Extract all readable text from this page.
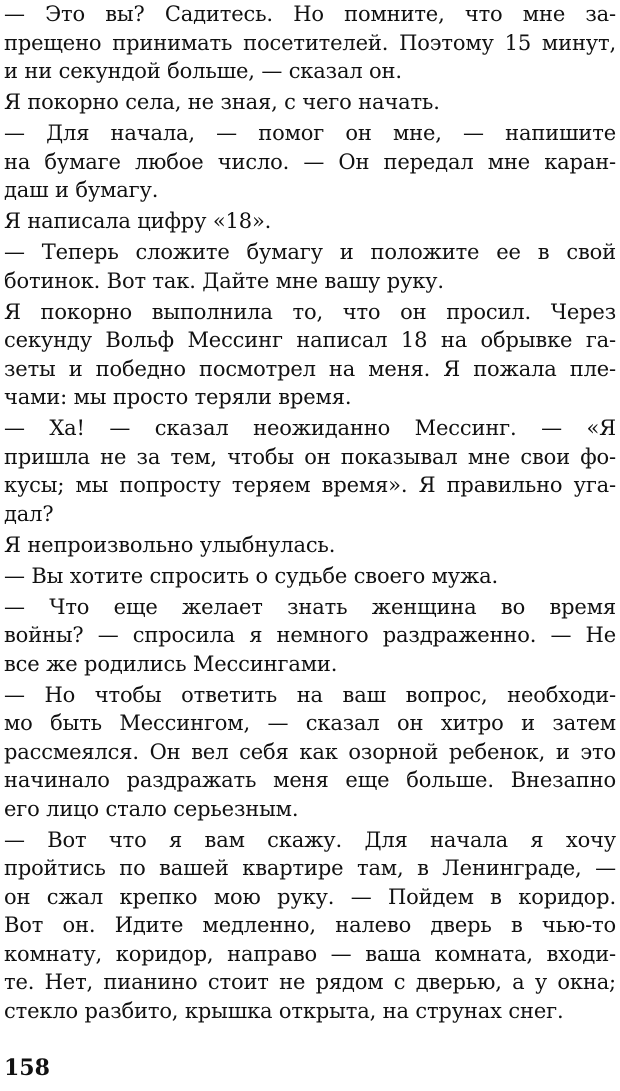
— Это вы? Садитесь. Но помните, что мне за-
прещено принимать посетителей. Поэтому 15 минут,
и ни секундой больше, — сказал он.

Я покорно села, не зная, с чего начать.

— Для начала, — помог он мне, — напишите
на бумаге любое число. — Он передал мне каран-
даш и бумагу.

Я написала цифру «18».

— Теперь сложите бумагу и положите ее в свой
ботинок. Вот так. Дайте мне вашу руку.

Я покорно выполнила то, что он просил. Через
секунду Вольф Мессинг написал 18 на обрывке га-
зеты и победно посмотрел на меня. Я пожала пле-
чами: мы просто теряли время.

— Ха! — сказал неожиданно Мессинг. — «Я
пришла не за тем, чтобы он показывал мне свои фо-
кусы; мы попросту теряем время». Я правильно уга-
дал?

Я непроизвольно улыбнулась.

— Вы хотите спросить о судьбе своего мужа.

— Что еще желает знать женщина во время
войны? — спросила я немного раздраженно. — Не
все же родились Мессингами.

— Но чтобы ответить на ваш вопрос, необходи-
мо быть Мессингом, — сказал он хитро и затем
рассмеялся. Он вел себя как озорной ребенок, и это
начинало раздражать меня еще больше. Внезапно
его лицо стало серьезным.

— Вот что я вам скажу. Для начала я хочу
пройтись по вашей квартире там, в Ленинграде, —
он сжал крепко мою руку. — Пойдем в коридор.
Вот он. Идите медленно, налево дверь в чью-то
комнату, коридор, направо — ваша комната, входи-
те. Нет, пианино стоит не рядом с дверью, а у окна;
стекло разбито, крышка открыта, на струнах снег.

158
